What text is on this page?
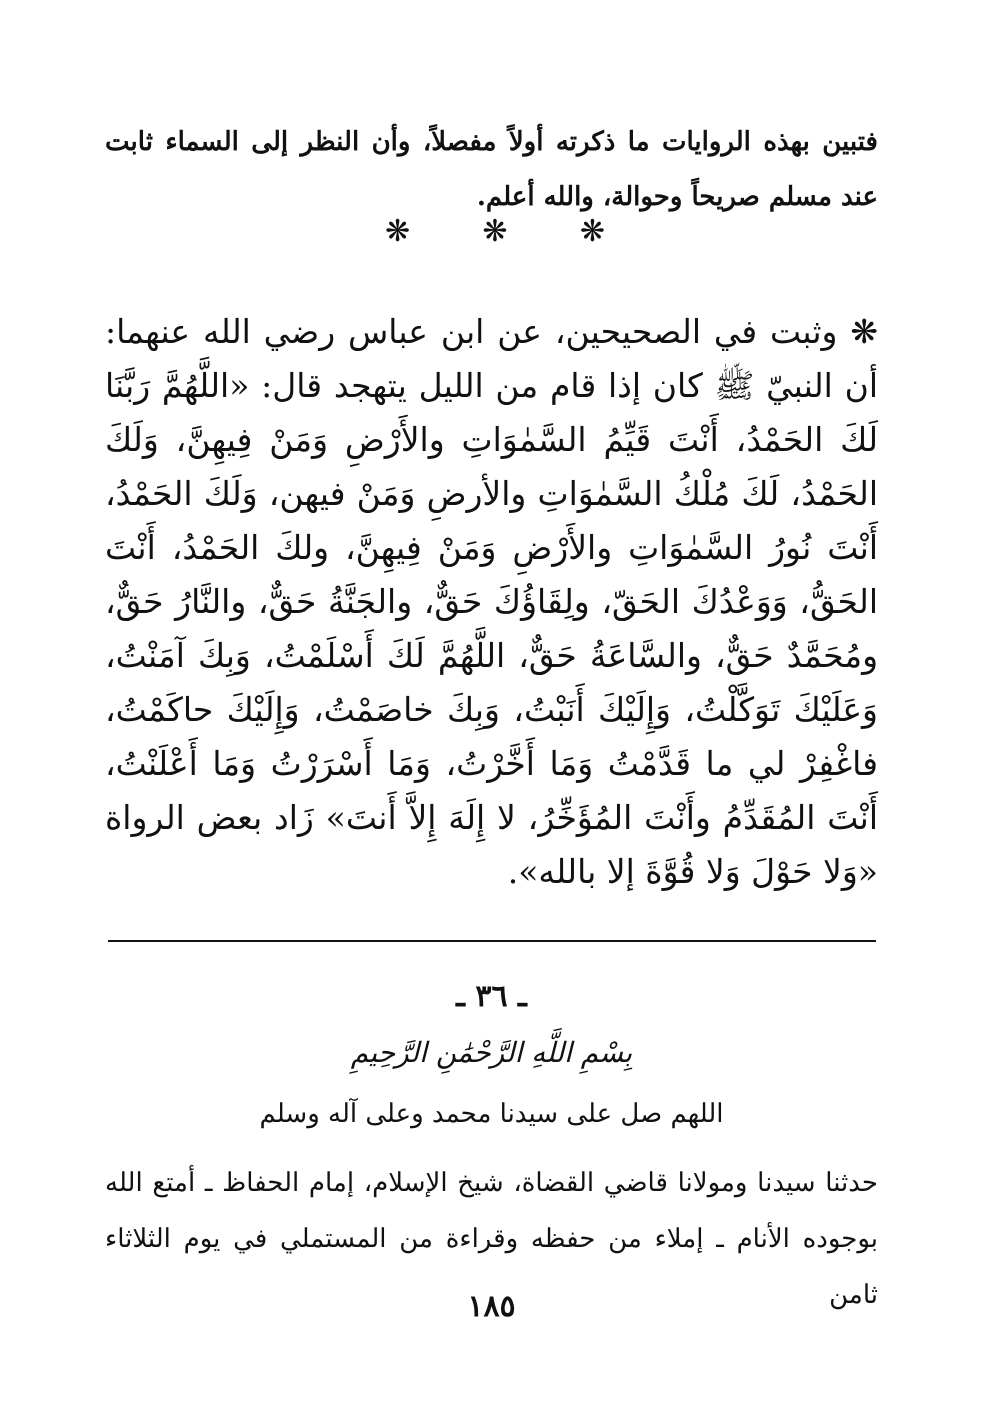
فتبين بهذه الروايات ما ذكرته أولاً مفصلاً، وأن النظر إلى السماء ثابت عند مسلم صريحاً وحوالة، والله أعلم.

❋ ❋ ❋

❋ وثبت في الصحيحين، عن ابن عباس رضي الله عنهما: أن النبيّ ﷺ كان إذا قام من الليل يتهجد قال: «اللَّهُمَّ رَبَّنَا لَكَ الحَمْدُ، أَنْتَ قَيِّمُ السَّمٰوَاتِ والأَرْضِ وَمَنْ فِيهِنَّ، وَلَكَ الحَمْدُ، لَكَ مُلْكُ السَّمٰوَاتِ والأرضِ وَمَنْ فيهن، وَلَكَ الحَمْدُ، أَنْتَ نُورُ السَّمٰوَاتِ والأَرْضِ وَمَنْ فِيهِنَّ، ولكَ الحَمْدُ، أَنْتَ الحَقُّ، وَوَعْدُكَ الحَقّ، ولِقَاؤُكَ حَقٌّ، والجَنَّةُ حَقٌّ، والنَّارُ حَقٌّ، ومُحَمَّدٌ حَقٌّ، والسَّاعَةُ حَقٌّ، اللَّهُمَّ لَكَ أَسْلَمْتُ، وَبِكَ آمَنْتُ، وَعَلَيْكَ تَوَكَّلْتُ، وَإِلَيْكَ أَنَبْتُ، وَبِكَ خاصَمْتُ، وَإِلَيْكَ حاكَمْتُ، فاغْفِرْ لي ما قَدَّمْتُ وَمَا أَخَّرْتُ، وَمَا أَسْرَرْتُ وَمَا أَعْلَنْتُ، أَنْتَ المُقَدِّمُ وأَنْتَ المُؤَخِّرُ، لا إِلَهَ إِلاَّ أَنتَ» زَاد بعض الرواة «وَلا حَوْلَ وَلا قُوَّةَ إلا بالله».

ـ ٣٦ ـ
بِسْمِ اللَّهِ الرَّحْمَٰنِ الرَّحِيمِ
اللهم صل على سيدنا محمد وعلى آله وسلم

حدثنا سيدنا ومولانا قاضي القضاة، شيخ الإسلام، إمام الحفاظ ـ أمتع الله بوجوده الأنام ـ إملاء من حفظه وقراءة من المستملي في يوم الثلاثاء ثامن

١٨٥
